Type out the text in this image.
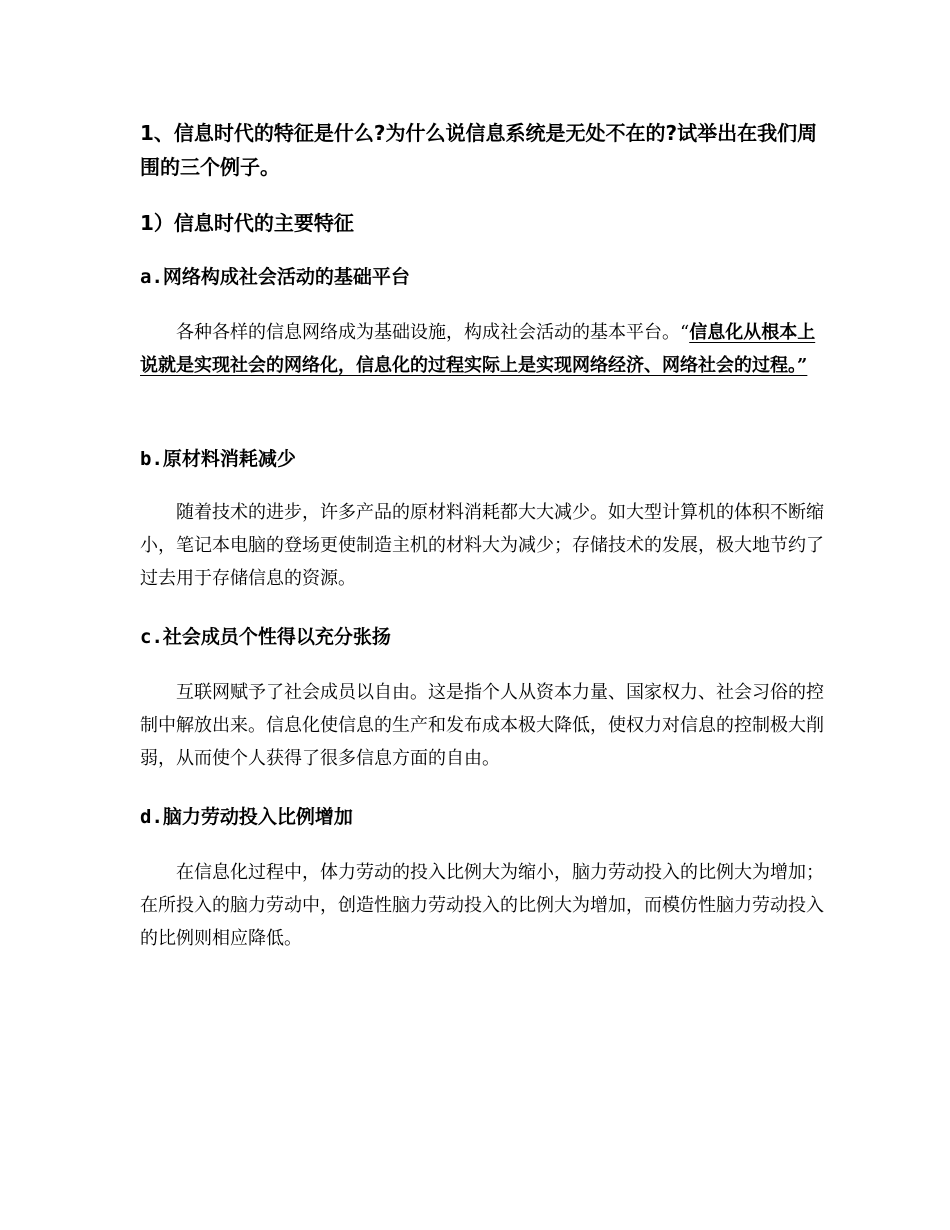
1、信息时代的特征是什么?为什么说信息系统是无处不在的?试举出在我们周围的三个例子。

1）信息时代的主要特征

a.网络构成社会活动的基础平台

各种各样的信息网络成为基础设施，构成社会活动的基本平台。“信息化从根本上说就是实现社会的网络化，信息化的过程实际上是实现网络经济、网络社会的过程。”

b.原材料消耗减少

随着技术的进步，许多产品的原材料消耗都大大减少。如大型计算机的体积不断缩小，笔记本电脑的登场更使制造主机的材料大为减少；存储技术的发展，极大地节约了过去用于存储信息的资源。

c.社会成员个性得以充分张扬

互联网赋予了社会成员以自由。这是指个人从资本力量、国家权力、社会习俗的控制中解放出来。信息化使信息的生产和发布成本极大降低，使权力对信息的控制极大削弱，从而使个人获得了很多信息方面的自由。

d.脑力劳动投入比例增加

在信息化过程中，体力劳动的投入比例大为缩小，脑力劳动投入的比例大为增加；在所投入的脑力劳动中，创造性脑力劳动投入的比例大为增加，而模仿性脑力劳动投入的比例则相应降低。
